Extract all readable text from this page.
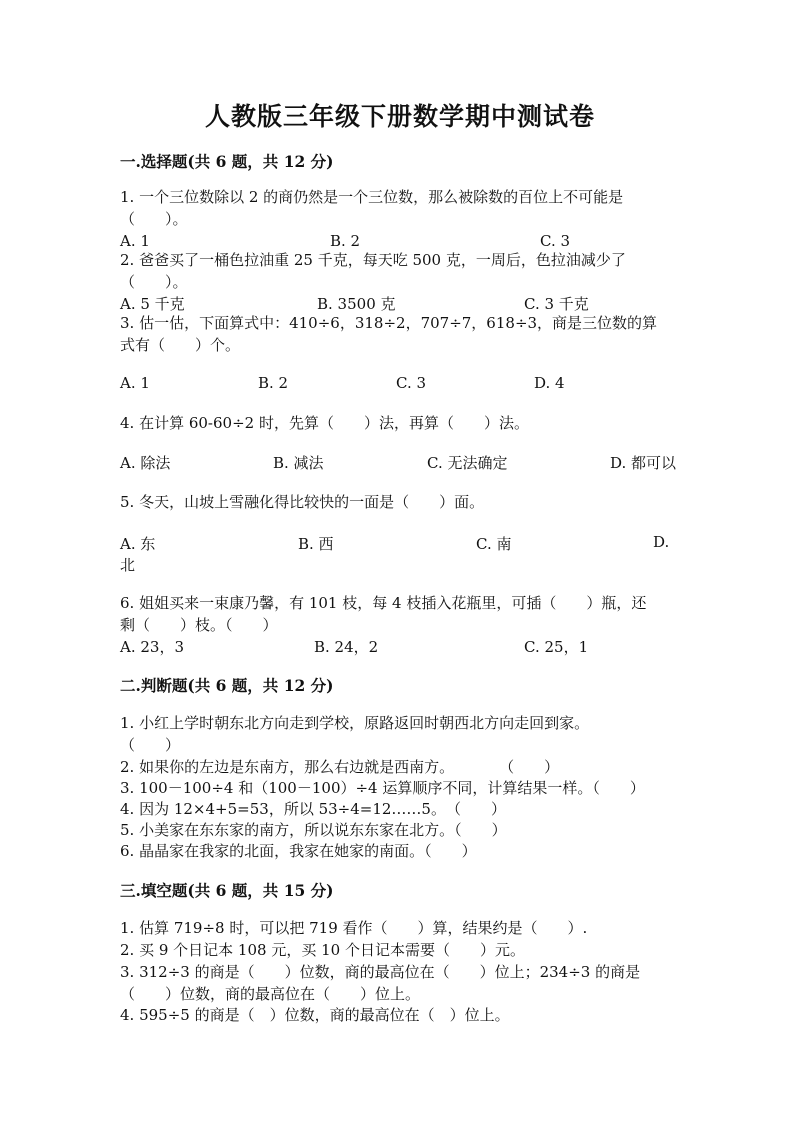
人教版三年级下册数学期中测试卷
一.选择题(共 6 题，共 12 分)
1. 一个三位数除以 2 的商仍然是一个三位数，那么被除数的百位上不可能是
（　　）。
A. 1	B. 2	C. 3
2. 爸爸买了一桶色拉油重 25 千克，每天吃 500 克，一周后，色拉油减少了
（　　）。
A. 5 千克	B. 3500 克	C. 3 千克
3. 估一估，下面算式中：410÷6，318÷2，707÷7，618÷3，商是三位数的算
式有（　　）个。
A. 1	B. 2	C. 3	D. 4
4. 在计算 60-60÷2 时，先算（　　）法，再算（　　）法。
A. 除法	B. 减法	C. 无法确定	D. 都可以
5. 冬天，山坡上雪融化得比较快的一面是（　　）面。
A. 东	B. 西	C. 南	D.
北
6. 姐姐买来一束康乃馨，有 101 枝，每 4 枝插入花瓶里，可插（　　）瓶，还
剩（　　）枝。（　　）
A. 23，3	B. 24，2	C. 25，1
二.判断题(共 6 题，共 12 分)
1. 小红上学时朝东北方向走到学校，原路返回时朝西北方向走回到家。
（　　）
2. 如果你的左边是东南方，那么右边就是西南方。　　　　（　　）
3. 100－100÷4 和（100－100）÷4 运算顺序不同，计算结果一样。（　　）
4. 因为 12×4+5=53，所以 53÷4=12……5。　（　　）
5. 小美家在东东家的南方，所以说东东家在北方。（　　）
6. 晶晶家在我家的北面，我家在她家的南面。（　　）
三.填空题(共 6 题，共 15 分)
1. 估算 719÷8 时，可以把 719 看作（　　）算，结果约是（　　）.
2. 买 9 个日记本 108 元，买 10 个日记本需要（　　）元。
3. 312÷3 的商是（　　）位数，商的最高位在（　　）位上；234÷3 的商是
（　　）位数，商的最高位在（　　）位上。
4. 595÷5 的商是（　）位数，商的最高位在（　）位上。
